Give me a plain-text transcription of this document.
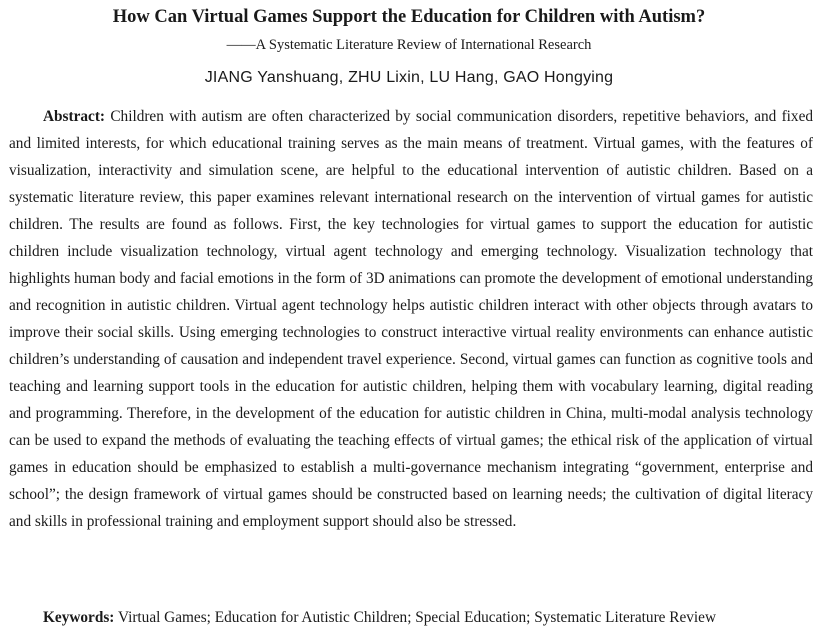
How Can Virtual Games Support the Education for Children with Autism?
——A Systematic Literature Review of International Research
JIANG Yanshuang, ZHU Lixin, LU Hang, GAO Hongying

Abstract: Children with autism are often characterized by social communication disorders, repetitive behaviors, and fixed and limited interests, for which educational training serves as the main means of treatment. Virtual games, with the features of visualization, interactivity and simulation scene, are helpful to the educational intervention of autistic children. Based on a systematic literature review, this paper examines relevant international research on the intervention of virtual games for autistic children. The results are found as follows. First, the key technologies for virtual games to support the education for autistic children include visualization technology, virtual agent technology and emerging technology. Visualization technology that highlights human body and facial emotions in the form of 3D animations can promote the development of emotional understanding and recognition in autistic children. Virtual agent technology helps autistic children interact with other objects through avatars to improve their social skills. Using emerging technologies to construct interactive virtual reality environments can enhance autistic children’s understanding of causation and independent travel experience. Second, virtual games can function as cognitive tools and teaching and learning support tools in the education for autistic children, helping them with vocabulary learning, digital reading and programming. Therefore, in the development of the education for autistic children in China, multi-modal analysis technology can be used to expand the methods of evaluating the teaching effects of virtual games; the ethical risk of the application of virtual games in education should be emphasized to establish a multi-governance mechanism integrating “government, enterprise and school”; the design framework of virtual games should be constructed based on learning needs; the cultivation of digital literacy and skills in professional training and employment support should also be stressed.

Keywords: Virtual Games; Education for Autistic Children; Special Education; Systematic Literature Review
